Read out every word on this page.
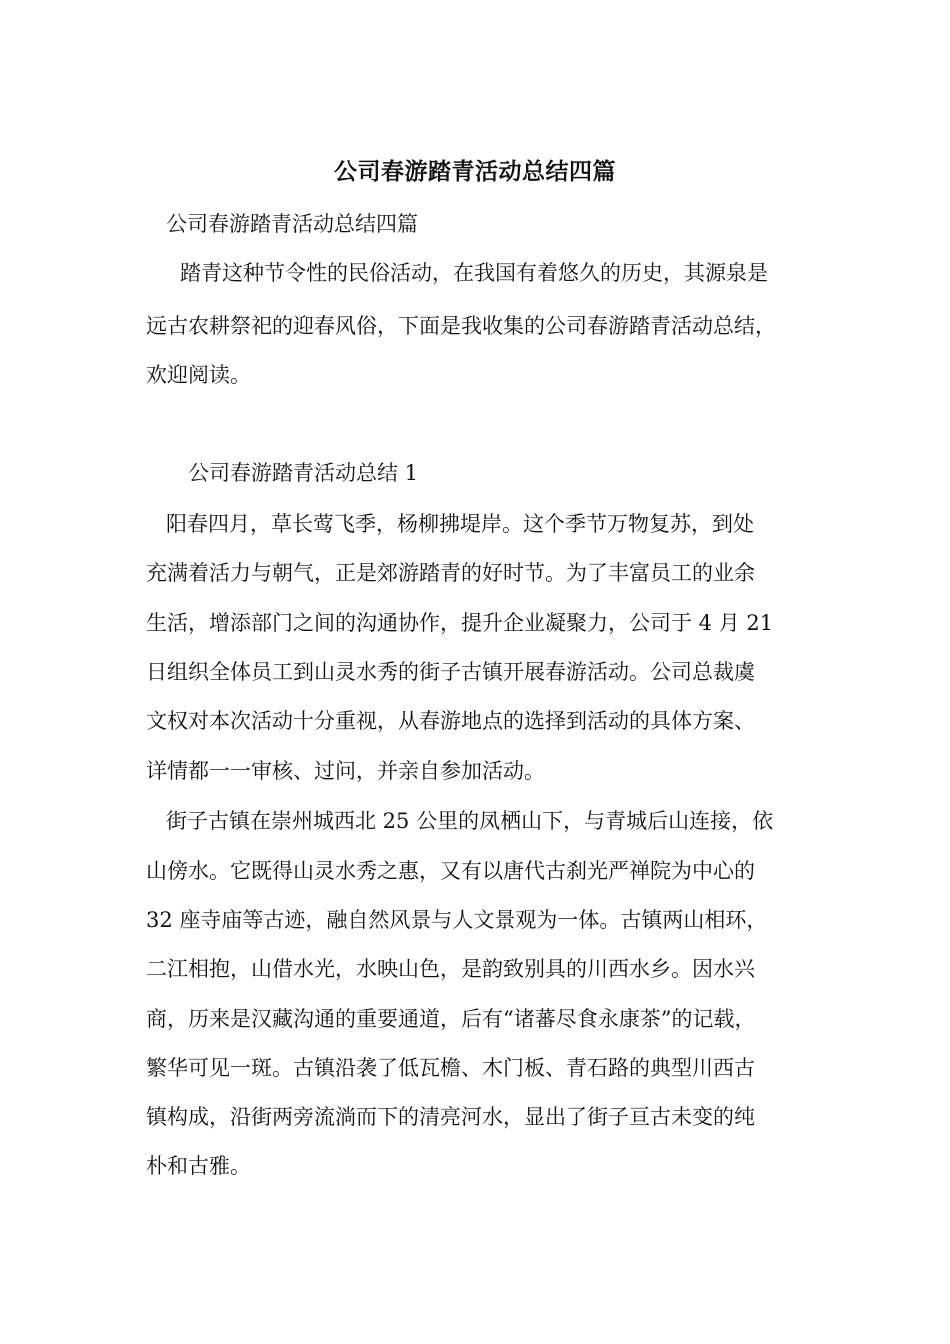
公司春游踏青活动总结四篇
公司春游踏青活动总结四篇
踏青这种节令性的民俗活动，在我国有着悠久的历史，其源泉是
远古农耕祭祀的迎春风俗，下面是我收集的公司春游踏青活动总结，
欢迎阅读。
公司春游踏青活动总结 1
阳春四月，草长莺飞季，杨柳拂堤岸。这个季节万物复苏，到处
充满着活力与朝气，正是郊游踏青的好时节。为了丰富员工的业余
生活，增添部门之间的沟通协作，提升企业凝聚力，公司于 4 月 21
日组织全体员工到山灵水秀的街子古镇开展春游活动。公司总裁虞
文权对本次活动十分重视，从春游地点的选择到活动的具体方案、
详情都一一审核、过问，并亲自参加活动。
街子古镇在崇州城西北 25 公里的凤栖山下，与青城后山连接，依
山傍水。它既得山灵水秀之惠，又有以唐代古刹光严禅院为中心的
32 座寺庙等古迹，融自然风景与人文景观为一体。古镇两山相环，
二江相抱，山借水光，水映山色，是韵致别具的川西水乡。因水兴
商，历来是汉藏沟通的重要通道，后有“诸蕃尽食永康茶”的记载，
繁华可见一斑。古镇沿袭了低瓦檐、木门板、青石路的典型川西古
镇构成，沿街两旁流淌而下的清亮河水，显出了街子亘古未变的纯
朴和古雅。
